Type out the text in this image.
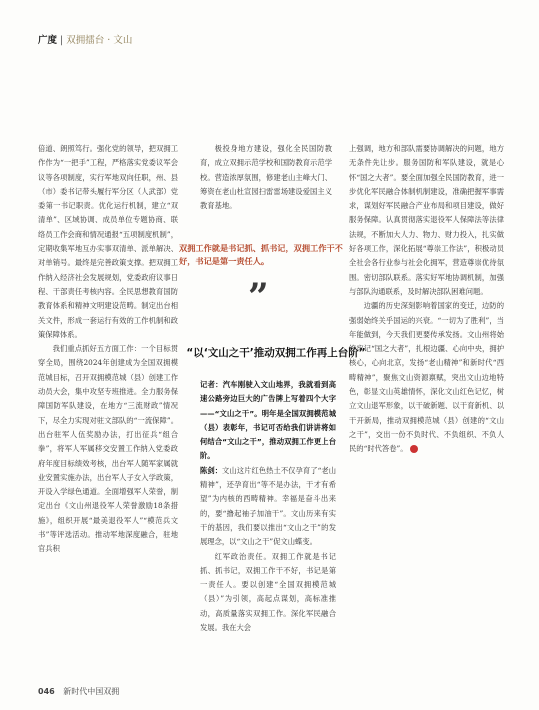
广度 | 双拥擂台 · 文山

倍道、朗照笃行。强化党的领导，把双拥工作作为“一把手”工程，严格落实党委议军会议等各项制度，实行军地双向任职，州、县（市）委书记带头履行军分区（人武部）党委第一书记职责。优化运行机制，建立“双清单”、区域协调、成员单位专题协商、联络员工作会商和情况通报“五项制度机制”，定期收集军地互办实事双清单、派单解决、对单销号。最终是完善政策支撑。把双拥工作纳入经济社会发展规划，党委政府议事日程、干部责任考核内容。全民思想教育国防教育体系和精神文明建设范畴。制定出台相关文件，形成一套运行有效的工作机制和政策保障体系。

我们重点抓好五方面工作：一个目标贯穿全局，围绕2024年创建成为全国双拥模范城目标，召开双拥模范城（县）创建工作动员大会，集中攻坚专班推进。全力服务保障国防军队建设，在地方“三流财政”情况下，尽全力实现对驻文部队的“一流保障”。出台驻军人伍奖励办法，打出征兵“组合拳”，将军人军属移交安置工作纳入党委政府年度目标绩效考核，出台军人随军家属就业安置实施办法，出台军人子女入学政策，开设入学绿色通道。全面增强军人荣誉，制定出台《文山州退役军人荣誉激励18条措施》，组织开展“最美退役军人”“模范兵文书”等评选活动。推动军地深度融合，驻地官兵积

极投身地方建设，强化全民国防教育，成立双拥示范学校和国防教育示范学校。营造浓厚氛围，修建老山主峰大门、筹资在老山杜宣园扫雷雷场建设爱国主义教育基地。

双拥工作就是书记抓、抓书记，双拥工作干不好，书记是第一责任人。
”
“以‘文山之干’推动双拥工作再上台阶”
记者：汽车刚驶入文山地界，我就看到高速公路旁边巨大的广告牌上写着四个大字——“文山之干”。明年是全国双拥模范城（县）表彰年，书记可否给我们讲讲将如何结合“文山之干”，推动双拥工作更上台阶。
陈剑：文山这片红色热土不仅孕育了“老山精神”，还孕育出“等不是办法，干才有希望”为内核的西畴精神。幸福是奋斗出来的，要“撸起袖子加油干”。文山历来有实干的基因，我们要以推出“文山之干”的发展理念，以“文山之干”促文山蝶变。
红军政治责任。双拥工作就是书记抓、抓书记，双拥工作干不好，书记是第一责任人。要以创建“全国双拥模范城（县）”为引领，高起点谋划，高标准推动，高质量落实双拥工作。深化军民融合发展。我在大会

上强调，地方和部队需要协调解决的问题，地方无条件先让步。服务国防和军队建设，就是心怀“国之大者”。要全面加强全民国防教育，进一步优化军民融合体制机制建设，准确把握军事需求，谋划好军民融合产业布局和项目建设，做好服务保障。认真贯彻落实退役军人保障法等法律法规，不断加大人力、物力、财力投入，扎实做好各项工作，深化拓展“尊崇工作法”，积极动员全社会各行业参与社会化拥军，营造尊崇优待氛围。密切部队联系。落实好军地协调机制，加强与部队沟通联系，及时解决部队困难问题。

边疆的历史深刻影响着国家的变迁，边防的强弱始终关乎国运的兴衰。“一切为了胜利”，当年能做到，今天我们更要传承发扬。文山州将始终牢记“国之大者”，扎根边疆、心向中央，拥护核心，心向北京，发扬“老山精神”和新时代“西畴精神”，聚焦文山资源禀赋，突出文山边地特色，彰显文山英雄情怀，深化文山红色记忆，树立文山退军形象，以干破新题、以干育新机、以干开新局，推动双拥模范城（县）创建的“文山之干”，交出一份不负时代、不负组织、不负人民的“时代答卷”。

046 新时代中国双拥
